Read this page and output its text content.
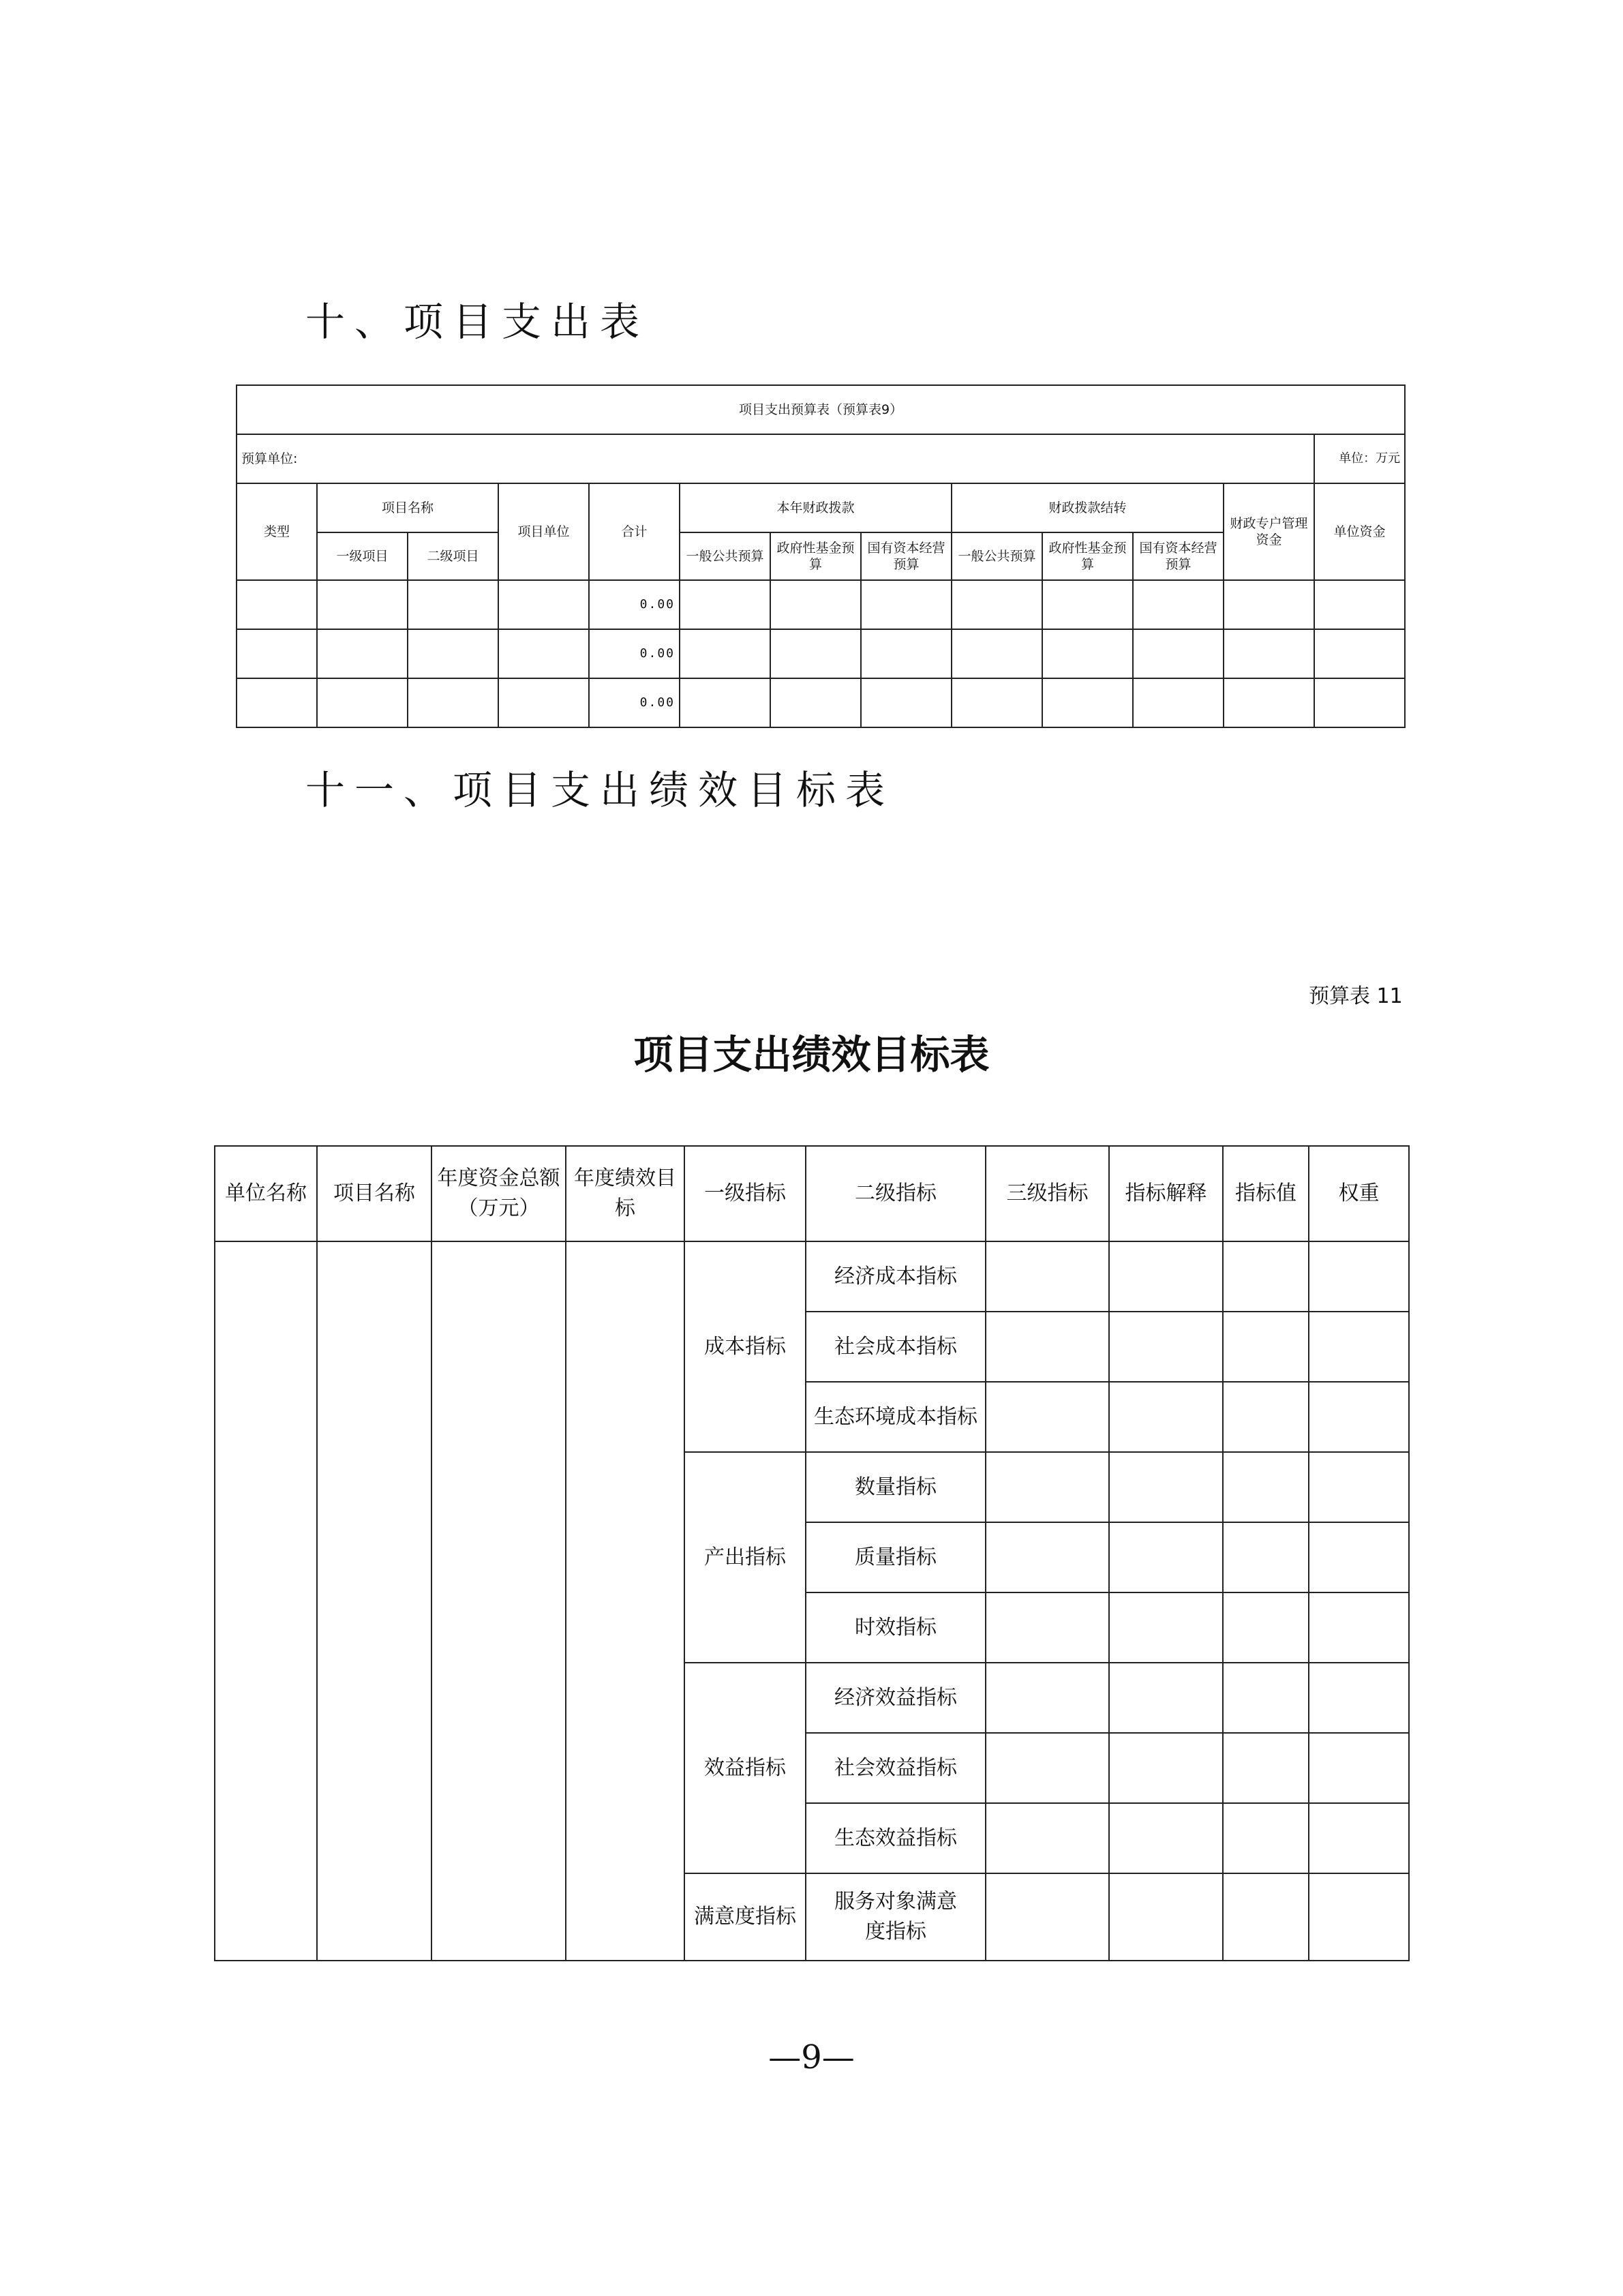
十、项目支出表
项目支出预算表（预算表9）												
预算单位:												单位：万元
类型	项目名称		项目单位	合计	本年财政拨款			财政拨款结转			财政专户管理资金	单位资金
	一级项目	二级项目			一般公共预算	政府性基金预算	国有资本经营预算	一般公共预算	政府性基金预算	国有资本经营预算		
				0.00								
				0.00								
				0.00								
十一、项目支出绩效目标表
预算表 11
项目支出绩效目标表
单位名称	项目名称	年度资金总额（万元）	年度绩效目标	一级指标	二级指标	三级指标	指标解释	指标值	权重
				成本指标	经济成本指标				
					社会成本指标				
					生态环境成本指标				
				产出指标	数量指标				
					质量指标				
					时效指标				
				效益指标	经济效益指标				
					社会效益指标				
					生态效益指标				
				满意度指标	服务对象满意度指标				
—9—
